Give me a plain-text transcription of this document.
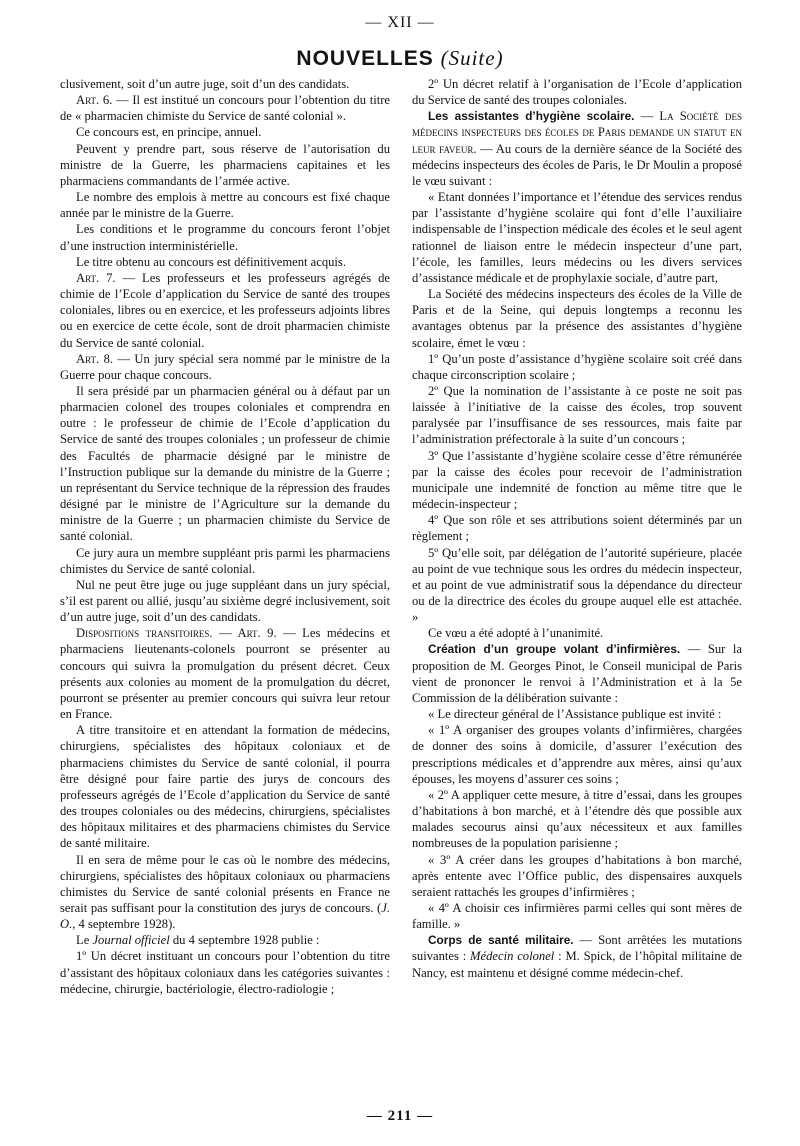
— XII —
NOUVELLES (Suite)

clusivement, soit d’un autre juge, soit d’un des candidats.

Art. 6. — Il est institué un concours pour l’obtention du titre de « pharmacien chimiste du Service de santé colonial ».

Ce concours est, en principe, annuel.

Peuvent y prendre part, sous réserve de l’autorisation du ministre de la Guerre, les pharmaciens capitaines et les pharmaciens commandants de l’armée active.

Le nombre des emplois à mettre au concours est fixé chaque année par le ministre de la Guerre.

Les conditions et le programme du concours feront l’objet d’une instruction interministérielle.

Le titre obtenu au concours est définitivement acquis.

Art. 7. — Les professeurs et les professeurs agrégés de chimie de l’Ecole d’application du Service de santé des troupes coloniales, libres ou en exercice, et les professeurs adjoints libres ou en exercice de cette école, sont de droit pharmacien chimiste du Service de santé colonial.

Art. 8. — Un jury spécial sera nommé par le ministre de la Guerre pour chaque concours.

Il sera présidé par un pharmacien général ou à défaut par un pharmacien colonel des troupes coloniales et comprendra en outre : le professeur de chimie de l’Ecole d’application du Service de santé des troupes coloniales ; un professeur de chimie des Facultés de pharmacie désigné par le ministre de l’Instruction publique sur la demande du ministre de la Guerre ; un représentant du Service technique de la répression des fraudes désigné par le ministre de l’Agriculture sur la demande du ministre de la Guerre ; un pharmacien chimiste du Service de santé colonial.

Ce jury aura un membre suppléant pris parmi les pharmaciens chimistes du Service de santé colonial.

Nul ne peut être juge ou juge suppléant dans un jury spécial, s’il est parent ou allié, jusqu’au sixième degré inclusivement, soit d’un autre juge, soit d’un des candidats.

Dispositions transitoires. — Art. 9. — Les médecins et pharmaciens lieutenants-colonels pourront se présenter au concours qui suivra la promulgation du présent décret. Ceux présents aux colonies au moment de la promulgation du décret, pourront se présenter au premier concours qui suivra leur retour en France.

A titre transitoire et en attendant la formation de médecins, chirurgiens, spécialistes des hôpitaux coloniaux et de pharmaciens chimistes du Service de santé colonial, il pourra être désigné pour faire partie des jurys de concours des professeurs agrégés de l’Ecole d’application du Service de santé des troupes coloniales ou des médecins, chirurgiens, spécialistes des hôpitaux militaires et des pharmaciens chimistes du Service de santé militaire.

Il en sera de même pour le cas où le nombre des médecins, chirurgiens, spécialistes des hôpitaux coloniaux ou pharmaciens chimistes du Service de santé colonial présents en France ne serait pas suffisant pour la constitution des jurys de concours. (J. O., 4 septembre 1928).

Le Journal officiel du 4 septembre 1928 publie :

1º Un décret instituant un concours pour l’obtention du titre d’assistant des hôpitaux coloniaux dans les catégories suivantes : médecine, chirurgie, bactériologie, électro-radiologie ;

2º Un décret relatif à l’organisation de l’Ecole d’application du Service de santé des troupes coloniales.

Les assistantes d’hygiène scolaire. — La Société des médecins inspecteurs des écoles de Paris demande un statut en leur faveur. — Au cours de la dernière séance de la Société des médecins inspecteurs des écoles de Paris, le Dr Moulin a proposé le vœu suivant :

« Etant données l’importance et l’étendue des services rendus par l’assistante d’hygiène scolaire qui font d’elle l’auxiliaire indispensable de l’inspection médicale des écoles et le seul agent rationnel de liaison entre le médecin inspecteur d’une part, l’école, les familles, leurs médecins ou les divers services d’assistance médicale et de prophylaxie sociale, d’autre part,

La Société des médecins inspecteurs des écoles de la Ville de Paris et de la Seine, qui depuis longtemps a reconnu les avantages obtenus par la présence des assistantes d’hygiène scolaire, émet le vœu :

1º Qu’un poste d’assistance d’hygiène scolaire soit créé dans chaque circonscription scolaire ;

2º Que la nomination de l’assistante à ce poste ne soit pas laissée à l’initiative de la caisse des écoles, trop souvent paralysée par l’insuffisance de ses ressources, mais faite par l’administration préfectorale à la suite d’un concours ;

3º Que l’assistante d’hygiène scolaire cesse d’être rémunérée par la caisse des écoles pour recevoir de l’administration municipale une indemnité de fonction au même titre que le médecin-inspecteur ;

4º Que son rôle et ses attributions soient déterminés par un règlement ;

5º Qu’elle soit, par délégation de l’autorité supérieure, placée au point de vue technique sous les ordres du médecin inspecteur, et au point de vue administratif sous la dépendance du directeur ou de la directrice des écoles du groupe auquel elle est attachée. »

Ce vœu a été adopté à l’unanimité.

Création d’un groupe volant d’infirmières. — Sur la proposition de M. Georges Pinot, le Conseil municipal de Paris vient de prononcer le renvoi à l’Administration et à la 5e Commission de la délibération suivante :

« Le directeur général de l’Assistance publique est invité :

« 1º A organiser des groupes volants d’infirmières, chargées de donner des soins à domicile, d’assurer l’exécution des prescriptions médicales et d’apprendre aux mères, ainsi qu’aux épouses, les moyens d’assurer ces soins ;

« 2º A appliquer cette mesure, à titre d’essai, dans les groupes d’habitations à bon marché, et à l’étendre dès que possible aux malades secourus ainsi qu’aux nécessiteux et aux familles nombreuses de la population parisienne ;

« 3º A créer dans les groupes d’habitations à bon marché, après entente avec l’Office public, des dispensaires auxquels seraient rattachés les groupes d’infirmières ;

« 4º A choisir ces infirmières parmi celles qui sont mères de famille. »

Corps de santé militaire. — Sont arrêtées les mutations suivantes : Médecin colonel : M. Spick, de l’hôpital militaine de Nancy, est maintenu et désigné comme médecin-chef.

— 211 —
